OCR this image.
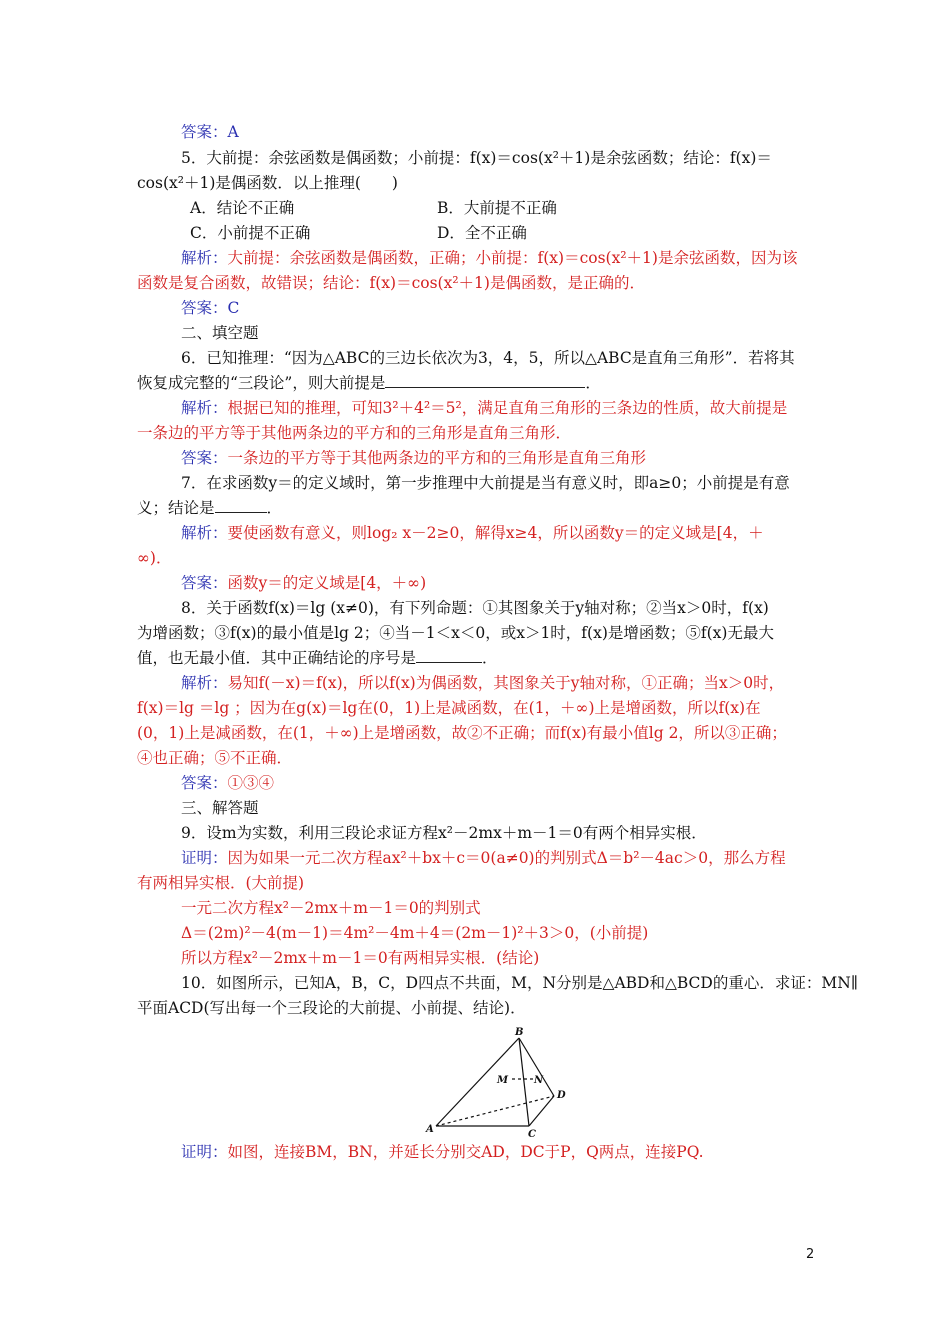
答案：A
5．大前提：余弦函数是偶函数；小前提：f(x)＝cos(x²＋1)是余弦函数；结论：f(x)＝
cos(x²＋1)是偶函数．以上推理(　　)
A．结论不正确	B．大前提不正确
C．小前提不正确	D．全不正确
解析：大前提：余弦函数是偶函数，正确；小前提：f(x)＝cos(x²＋1)是余弦函数，因为该
函数是复合函数，故错误；结论：f(x)＝cos(x²＋1)是偶函数，是正确的．
答案：C
二、填空题
6．已知推理：“因为△ABC的三边长依次为3，4，5，所以△ABC是直角三角形”．若将其
恢复成完整的“三段论”，则大前提是	．
解析：根据已知的推理，可知3²＋4²＝5²，满足直角三角形的三条边的性质，故大前提是
一条边的平方等于其他两条边的平方和的三角形是直角三角形．
答案：一条边的平方等于其他两条边的平方和的三角形是直角三角形
7．在求函数y＝的定义域时，第一步推理中大前提是当有意义时，即a≥0；小前提是有意
义；结论是	．
解析：要使函数有意义，则log₂ x－2≥0，解得x≥4，所以函数y＝的定义域是[4，＋
∞)．
答案：函数y＝的定义域是[4，＋∞)
8．关于函数f(x)＝lg (x≠0)，有下列命题：①其图象关于y轴对称；②当x＞0时，f(x)
为增函数；③f(x)的最小值是lg 2；④当－1＜x＜0，或x＞1时，f(x)是增函数；⑤f(x)无最大
值，也无最小值．其中正确结论的序号是	．
解析：易知f(－x)＝f(x)，所以f(x)为偶函数，其图象关于y轴对称，①正确；当x＞0时，
f(x)＝lg ＝lg ；因为在g(x)＝lg在(0，1)上是减函数，在(1，＋∞)上是增函数，所以f(x)在
(0，1)上是减函数，在(1，＋∞)上是增函数，故②不正确；而f(x)有最小值lg 2，所以③正确；
④也正确；⑤不正确．
答案：①③④
三、解答题
9．设m为实数，利用三段论求证方程x²－2mx＋m－1＝0有两个相异实根．
证明：因为如果一元二次方程ax²＋bx＋c＝0(a≠0)的判别式Δ＝b²－4ac＞0，那么方程
有两相异实根．(大前提)
一元二次方程x²－2mx＋m－1＝0的判别式
Δ＝(2m)²－4(m－1)＝4m²－4m＋4＝(2m－1)²＋3＞0，(小前提)
所以方程x²－2mx＋m－1＝0有两相异实根．(结论)
10．如图所示，已知A，B，C，D四点不共面，M，N分别是△ABD和△BCD的重心．求证：MN∥
平面ACD(写出每一个三段论的大前提、小前提、结论)．
B
M	N
D
A	C
证明：如图，连接BM，BN，并延长分别交AD，DC于P，Q两点，连接PQ.
2
